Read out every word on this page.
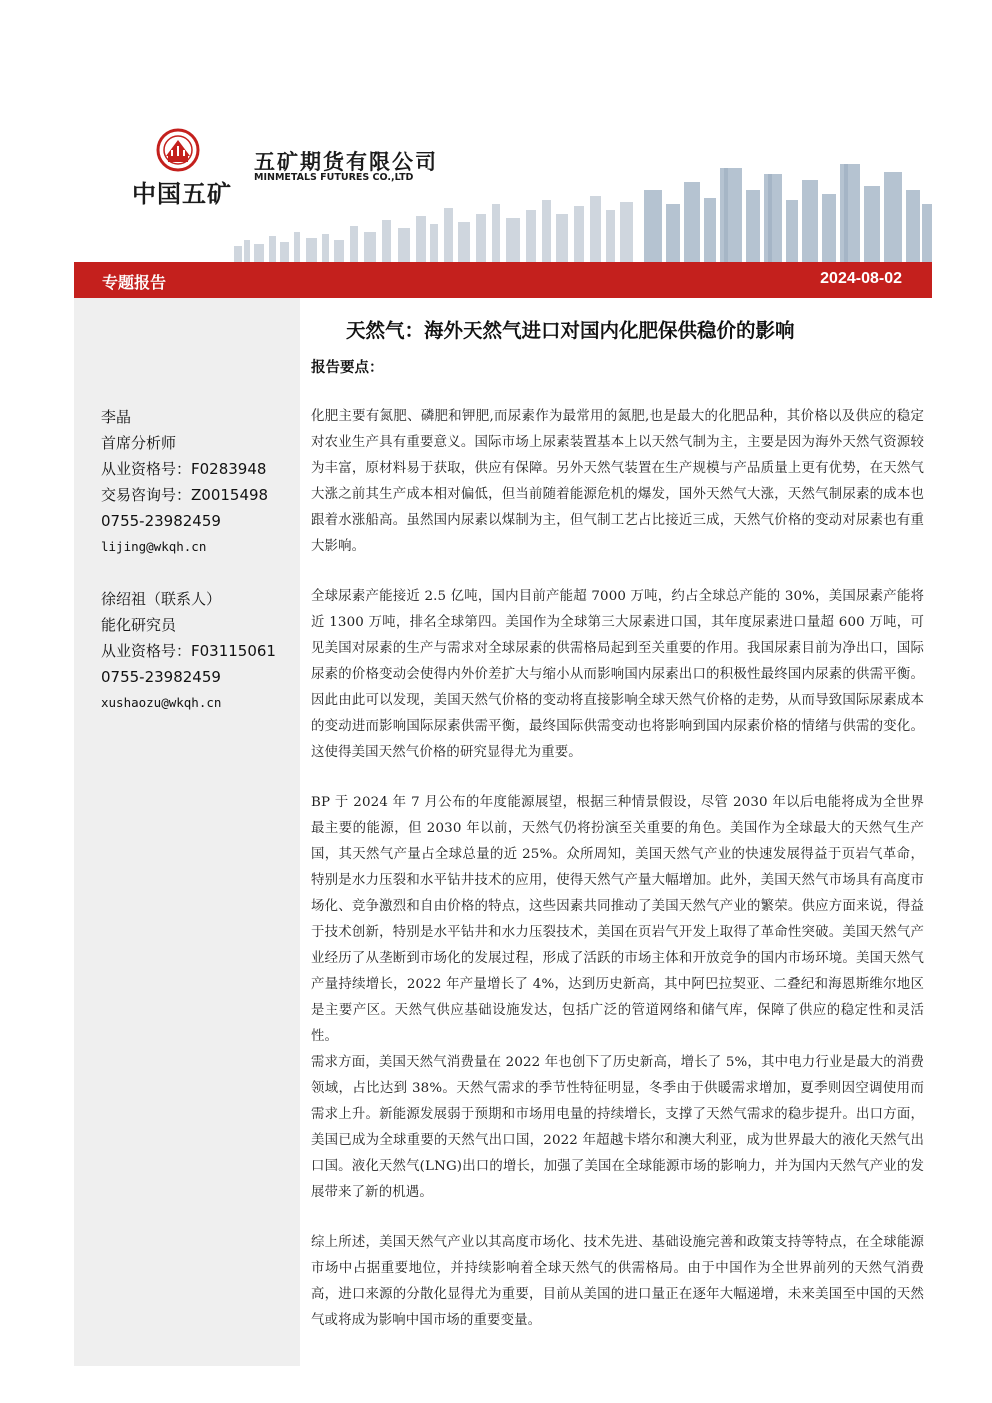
中国五矿
五矿期货有限公司
MINMETALS FUTURES CO.,LTD
专题报告	2024-08-02
李晶
首席分析师
从业资格号：F0283948
交易咨询号：Z0015498
0755-23982459
lijing@wkqh.cn
徐绍祖（联系人）
能化研究员
从业资格号：F03115061
0755-23982459
xushaozu@wkqh.cn
天然气：海外天然气进口对国内化肥保供稳价的影响
报告要点：

化肥主要有氮肥、磷肥和钾肥,而尿素作为最常用的氮肥,也是最大的化肥品种，其价格以及供应的稳定对农业生产具有重要意义。国际市场上尿素装置基本上以天然气制为主，主要是因为海外天然气资源较为丰富，原材料易于获取，供应有保障。另外天然气装置在生产规模与产品质量上更有优势，在天然气大涨之前其生产成本相对偏低，但当前随着能源危机的爆发，国外天然气大涨，天然气制尿素的成本也跟着水涨船高。虽然国内尿素以煤制为主，但气制工艺占比接近三成，天然气价格的变动对尿素也有重大影响。

全球尿素产能接近 2.5 亿吨，国内目前产能超 7000 万吨，约占全球总产能的 30%，美国尿素产能将近 1300 万吨，排名全球第四。美国作为全球第三大尿素进口国，其年度尿素进口量超 600 万吨，可见美国对尿素的生产与需求对全球尿素的供需格局起到至关重要的作用。我国尿素目前为净出口，国际尿素的价格变动会使得内外价差扩大与缩小从而影响国内尿素出口的积极性最终国内尿素的供需平衡。因此由此可以发现，美国天然气价格的变动将直接影响全球天然气价格的走势，从而导致国际尿素成本的变动进而影响国际尿素供需平衡，最终国际供需变动也将影响到国内尿素价格的情绪与供需的变化。这使得美国天然气价格的研究显得尤为重要。

BP 于 2024 年 7 月公布的年度能源展望，根据三种情景假设，尽管 2030 年以后电能将成为全世界最主要的能源，但 2030 年以前，天然气仍将扮演至关重要的角色。美国作为全球最大的天然气生产国，其天然气产量占全球总量的近 25%。众所周知，美国天然气产业的快速发展得益于页岩气革命，特别是水力压裂和水平钻井技术的应用，使得天然气产量大幅增加。此外，美国天然气市场具有高度市场化、竞争激烈和自由价格的特点，这些因素共同推动了美国天然气产业的繁荣。供应方面来说，得益于技术创新，特别是水平钻井和水力压裂技术，美国在页岩气开发上取得了革命性突破。美国天然气产业经历了从垄断到市场化的发展过程，形成了活跃的市场主体和开放竞争的国内市场环境。美国天然气产量持续增长，2022 年产量增长了 4%，达到历史新高，其中阿巴拉契亚、二叠纪和海恩斯维尔地区是主要产区。天然气供应基础设施发达，包括广泛的管道网络和储气库，保障了供应的稳定性和灵活性。

需求方面，美国天然气消费量在 2022 年也创下了历史新高，增长了 5%，其中电力行业是最大的消费领域，占比达到 38%。天然气需求的季节性特征明显，冬季由于供暖需求增加，夏季则因空调使用而需求上升。新能源发展弱于预期和市场用电量的持续增长，支撑了天然气需求的稳步提升。出口方面，美国已成为全球重要的天然气出口国，2022 年超越卡塔尔和澳大利亚，成为世界最大的液化天然气出口国。液化天然气(LNG)出口的增长，加强了美国在全球能源市场的影响力，并为国内天然气产业的发展带来了新的机遇。

综上所述，美国天然气产业以其高度市场化、技术先进、基础设施完善和政策支持等特点，在全球能源市场中占据重要地位，并持续影响着全球天然气的供需格局。由于中国作为全世界前列的天然气消费高，进口来源的分散化显得尤为重要，目前从美国的进口量正在逐年大幅递增，未来美国至中国的天然气或将成为影响中国市场的重要变量。
